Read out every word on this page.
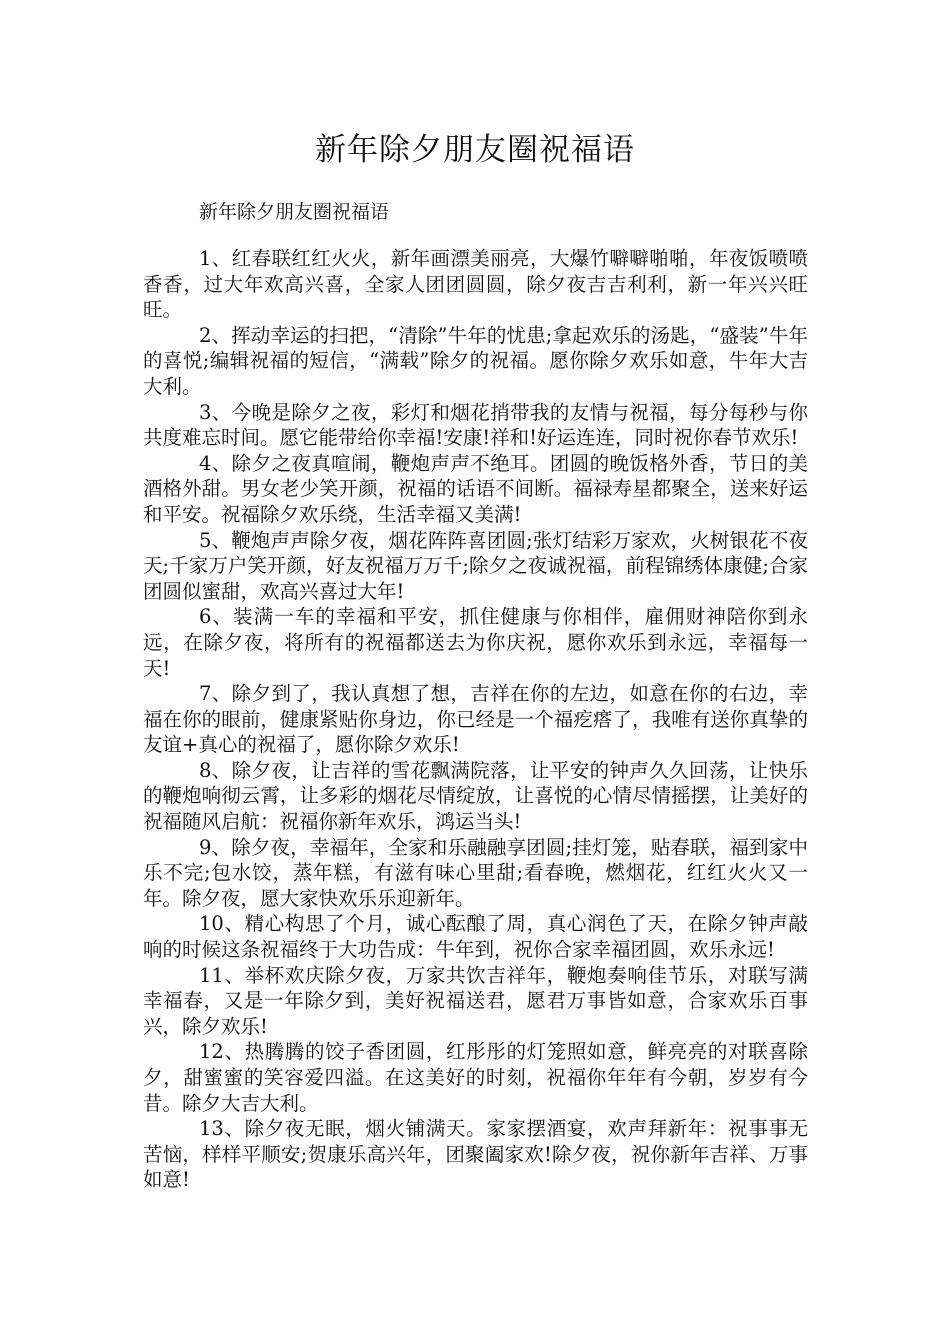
新年除夕朋友圈祝福语
新年除夕朋友圈祝福语

1、红春联红红火火，新年画漂美丽亮，大爆竹噼噼啪啪，年夜饭喷喷香香，过大年欢高兴喜，全家人团团圆圆，除夕夜吉吉利利，新一年兴兴旺旺。

2、挥动幸运的扫把，“清除”牛年的忧患;拿起欢乐的汤匙，“盛装”牛年的喜悦;编辑祝福的短信，“满载”除夕的祝福。愿你除夕欢乐如意，牛年大吉大利。

3、今晚是除夕之夜，彩灯和烟花捎带我的友情与祝福，每分每秒与你共度难忘时间。愿它能带给你幸福!安康!祥和!好运连连，同时祝你春节欢乐!

4、除夕之夜真喧闹，鞭炮声声不绝耳。团圆的晚饭格外香，节日的美酒格外甜。男女老少笑开颜，祝福的话语不间断。福禄寿星都聚全，送来好运和平安。祝福除夕欢乐绕，生活幸福又美满!

5、鞭炮声声除夕夜，烟花阵阵喜团圆;张灯结彩万家欢，火树银花不夜天;千家万户笑开颜，好友祝福万万千;除夕之夜诚祝福，前程锦绣体康健;合家团圆似蜜甜，欢高兴喜过大年!

6、装满一车的幸福和平安，抓住健康与你相伴，雇佣财神陪你到永远，在除夕夜，将所有的祝福都送去为你庆祝，愿你欢乐到永远，幸福每一天!

7、除夕到了，我认真想了想，吉祥在你的左边，如意在你的右边，幸福在你的眼前，健康紧贴你身边，你已经是一个福疙瘩了，我唯有送你真挚的友谊+真心的祝福了，愿你除夕欢乐!

8、除夕夜，让吉祥的雪花飘满院落，让平安的钟声久久回荡，让快乐的鞭炮响彻云霄，让多彩的烟花尽情绽放，让喜悦的心情尽情摇摆，让美好的祝福随风启航：祝福你新年欢乐，鸿运当头!

9、除夕夜，幸福年，全家和乐融融享团圆;挂灯笼，贴春联，福到家中乐不完;包水饺，蒸年糕，有滋有味心里甜;看春晚，燃烟花，红红火火又一年。除夕夜，愿大家快欢乐乐迎新年。

10、精心构思了个月，诚心酝酿了周，真心润色了天，在除夕钟声敲响的时候这条祝福终于大功告成：牛年到，祝你合家幸福团圆，欢乐永远!

11、举杯欢庆除夕夜，万家共饮吉祥年，鞭炮奏响佳节乐，对联写满幸福春，又是一年除夕到，美好祝福送君，愿君万事皆如意，合家欢乐百事兴，除夕欢乐!

12、热腾腾的饺子香团圆，红彤彤的灯笼照如意，鲜亮亮的对联喜除夕，甜蜜蜜的笑容爱四溢。在这美好的时刻，祝福你年年有今朝，岁岁有今昔。除夕大吉大利。

13、除夕夜无眠，烟火铺满天。家家摆酒宴，欢声拜新年：祝事事无苦恼，样样平顺安;贺康乐高兴年，团聚阖家欢!除夕夜，祝你新年吉祥、万事如意!
